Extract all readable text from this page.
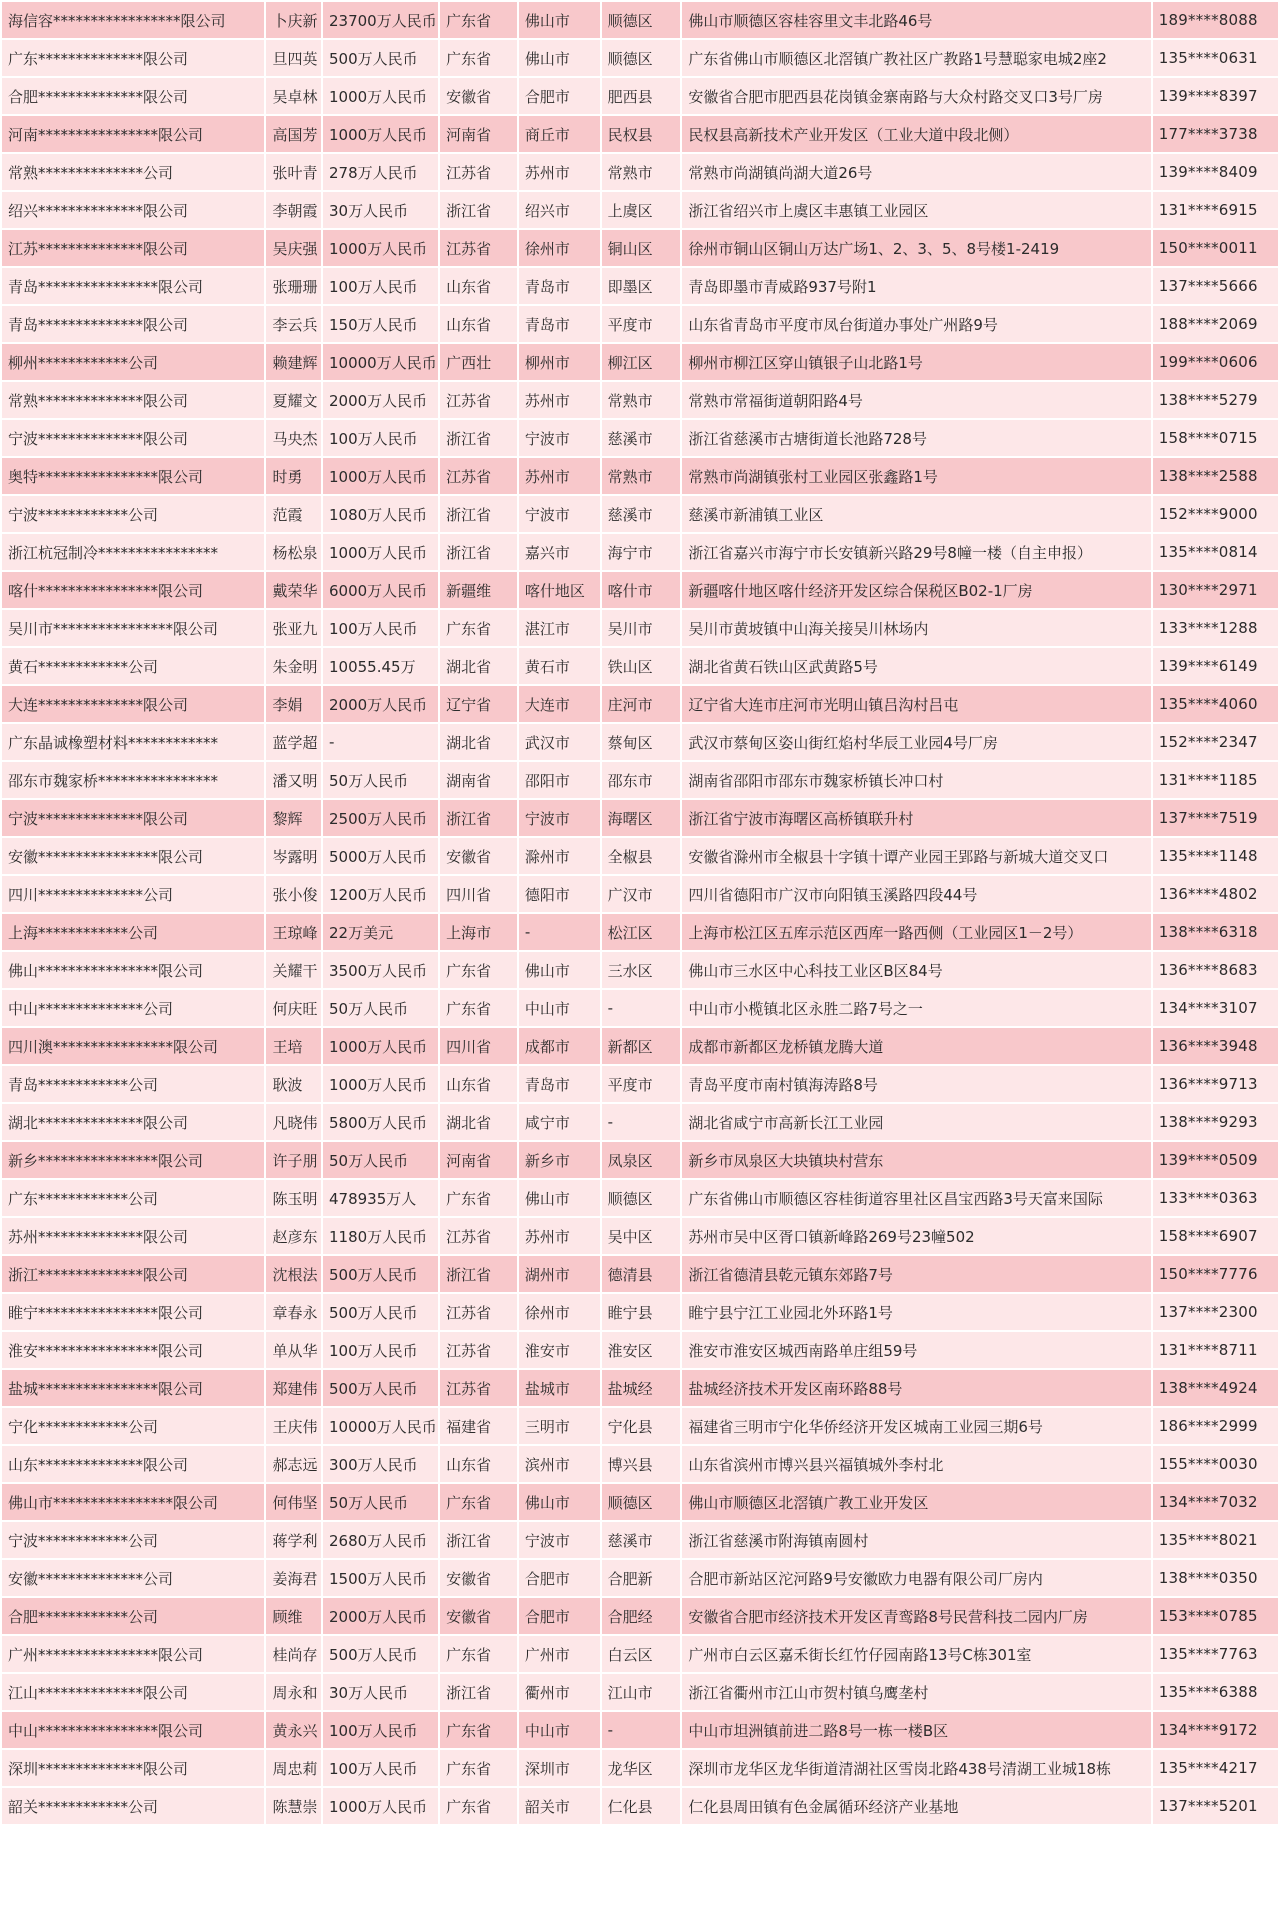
海信容*****************限公司	卜庆新	23700万人民币	广东省	佛山市	顺德区	佛山市顺德区容桂容里文丰北路46号	189****8088
广东**************限公司	旦四英	500万人民币	广东省	佛山市	顺德区	广东省佛山市顺德区北滘镇广教社区广教路1号慧聪家电城2座2	135****0631
合肥**************限公司	吴卓林	1000万人民币	安徽省	合肥市	肥西县	安徽省合肥市肥西县花岗镇金寨南路与大众村路交叉口3号厂房	139****8397
河南****************限公司	高国芳	1000万人民币	河南省	商丘市	民权县	民权县高新技术产业开发区（工业大道中段北侧）	177****3738
常熟**************公司	张叶青	278万人民币	江苏省	苏州市	常熟市	常熟市尚湖镇尚湖大道26号	139****8409
绍兴**************限公司	李朝霞	30万人民币	浙江省	绍兴市	上虞区	浙江省绍兴市上虞区丰惠镇工业园区	131****6915
江苏**************限公司	吴庆强	1000万人民币	江苏省	徐州市	铜山区	徐州市铜山区铜山万达广场1、2、3、5、8号楼1-2419	150****0011
青岛****************限公司	张珊珊	100万人民币	山东省	青岛市	即墨区	青岛即墨市青威路937号附1	137****5666
青岛**************限公司	李云兵	150万人民币	山东省	青岛市	平度市	山东省青岛市平度市凤台街道办事处广州路9号	188****2069
柳州************公司	赖建辉	10000万人民币	广西壮	柳州市	柳江区	柳州市柳江区穿山镇银子山北路1号	199****0606
常熟**************限公司	夏耀文	2000万人民币	江苏省	苏州市	常熟市	常熟市常福街道朝阳路4号	138****5279
宁波**************限公司	马央杰	100万人民币	浙江省	宁波市	慈溪市	浙江省慈溪市古塘街道长池路728号	158****0715
奥特****************限公司	时勇	1000万人民币	江苏省	苏州市	常熟市	常熟市尚湖镇张村工业园区张鑫路1号	138****2588
宁波************公司	范霞	1080万人民币	浙江省	宁波市	慈溪市	慈溪市新浦镇工业区	152****9000
浙江杭冠制冷****************	杨松泉	1000万人民币	浙江省	嘉兴市	海宁市	浙江省嘉兴市海宁市长安镇新兴路29号8幢一楼（自主申报）	135****0814
喀什****************限公司	戴荣华	6000万人民币	新疆维	喀什地区	喀什市	新疆喀什地区喀什经济开发区综合保税区B02-1厂房	130****2971
吴川市****************限公司	张亚九	100万人民币	广东省	湛江市	吴川市	吴川市黄坡镇中山海关接吴川林场内	133****1288
黄石************公司	朱金明	10055.45万	湖北省	黄石市	铁山区	湖北省黄石铁山区武黄路5号	139****6149
大连**************限公司	李娟	2000万人民币	辽宁省	大连市	庄河市	辽宁省大连市庄河市光明山镇吕沟村吕屯	135****4060
广东晶诚橡塑材料************	蓝学超	-	湖北省	武汉市	蔡甸区	武汉市蔡甸区姿山街红焰村华辰工业园4号厂房	152****2347
邵东市魏家桥****************	潘又明	50万人民币	湖南省	邵阳市	邵东市	湖南省邵阳市邵东市魏家桥镇长冲口村	131****1185
宁波**************限公司	黎辉	2500万人民币	浙江省	宁波市	海曙区	浙江省宁波市海曙区高桥镇联升村	137****7519
安徽****************限公司	岑露明	5000万人民币	安徽省	滁州市	全椒县	安徽省滁州市全椒县十字镇十谭产业园王郢路与新城大道交叉口	135****1148
四川**************公司	张小俊	1200万人民币	四川省	德阳市	广汉市	四川省德阳市广汉市向阳镇玉溪路四段44号	136****4802
上海************公司	王琼峰	22万美元	上海市	-	松江区	上海市松江区五库示范区西库一路西侧（工业园区1－2号）	138****6318
佛山****************限公司	关耀干	3500万人民币	广东省	佛山市	三水区	佛山市三水区中心科技工业区B区84号	136****8683
中山**************公司	何庆旺	50万人民币	广东省	中山市	-	中山市小榄镇北区永胜二路7号之一	134****3107
四川澳****************限公司	王培	1000万人民币	四川省	成都市	新都区	成都市新都区龙桥镇龙腾大道	136****3948
青岛************公司	耿波	1000万人民币	山东省	青岛市	平度市	青岛平度市南村镇海涛路8号	136****9713
湖北**************限公司	凡晓伟	5800万人民币	湖北省	咸宁市	-	湖北省咸宁市高新长江工业园	138****9293
新乡****************限公司	许子朋	50万人民币	河南省	新乡市	凤泉区	新乡市凤泉区大块镇块村营东	139****0509
广东************公司	陈玉明	478935万人	广东省	佛山市	顺德区	广东省佛山市顺德区容桂街道容里社区昌宝西路3号天富来国际	133****0363
苏州**************限公司	赵彦东	1180万人民币	江苏省	苏州市	吴中区	苏州市吴中区胥口镇新峰路269号23幢502	158****6907
浙江**************限公司	沈根法	500万人民币	浙江省	湖州市	德清县	浙江省德清县乾元镇东郊路7号	150****7776
睢宁****************限公司	章春永	500万人民币	江苏省	徐州市	睢宁县	睢宁县宁江工业园北外环路1号	137****2300
淮安****************限公司	单从华	100万人民币	江苏省	淮安市	淮安区	淮安市淮安区城西南路单庄组59号	131****8711
盐城****************限公司	郑建伟	500万人民币	江苏省	盐城市	盐城经	盐城经济技术开发区南环路88号	138****4924
宁化************公司	王庆伟	10000万人民币	福建省	三明市	宁化县	福建省三明市宁化华侨经济开发区城南工业园三期6号	186****2999
山东**************限公司	郝志远	300万人民币	山东省	滨州市	博兴县	山东省滨州市博兴县兴福镇城外李村北	155****0030
佛山市****************限公司	何伟坚	50万人民币	广东省	佛山市	顺德区	佛山市顺德区北滘镇广教工业开发区	134****7032
宁波************公司	蒋学利	2680万人民币	浙江省	宁波市	慈溪市	浙江省慈溪市附海镇南圆村	135****8021
安徽**************公司	姜海君	1500万人民币	安徽省	合肥市	合肥新	合肥市新站区沱河路9号安徽欧力电器有限公司厂房内	138****0350
合肥************公司	顾维	2000万人民币	安徽省	合肥市	合肥经	安徽省合肥市经济技术开发区青鸾路8号民营科技二园内厂房	153****0785
广州****************限公司	桂尚存	500万人民币	广东省	广州市	白云区	广州市白云区嘉禾街长红竹仔园南路13号C栋301室	135****7763
江山**************限公司	周永和	30万人民币	浙江省	衢州市	江山市	浙江省衢州市江山市贺村镇乌鹰垄村	135****6388
中山****************限公司	黄永兴	100万人民币	广东省	中山市	-	中山市坦洲镇前进二路8号一栋一楼B区	134****9172
深圳**************限公司	周忠莉	100万人民币	广东省	深圳市	龙华区	深圳市龙华区龙华街道清湖社区雪岗北路438号清湖工业城18栋	135****4217
韶关************公司	陈慧崇	1000万人民币	广东省	韶关市	仁化县	仁化县周田镇有色金属循环经济产业基地	137****5201
